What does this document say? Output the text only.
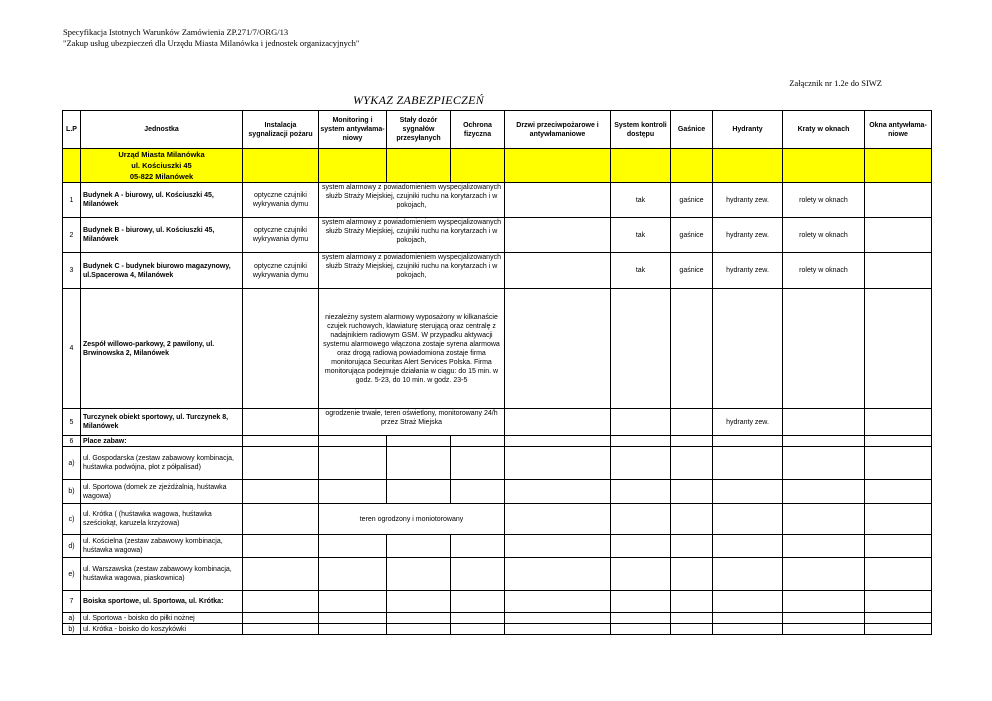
Specyfikacja Istotnych Warunków Zamówienia ZP.271/7/ORG/13
"Zakup usług ubezpieczeń dla Urzędu Miasta Milanówka i jednostek organizacyjnych"
Załącznik nr 1.2e do SIWZ
WYKAZ ZABEZPIECZEŃ
L.P	Jednostka	Instalacja sygnalizacji pożaru	Monitoring i system antywłama-niowy	Stały dozór sygnałów przesyłanych	Ochrona fizyczna	Drzwi przeciwpożarowe i antywłamaniowe	System kontroli dostępu	Gaśnice	Hydranty	Kraty w oknach	Okna antywłama-niowe

	Urząd Miasta Milanówka
ul. Kościuszki 45
05-822 Milanówek										

1	Budynek A - biurowy, ul. Kościuszki 45, Milanówek	optyczne czujniki wykrywania dymu	system alarmowy z powiadomieniem wyspecjalizowanych służb Straży Miejskiej, czujniki ruchu na korytarzach i w pokojach,				tak	gaśnice	hydranty zew.	rolety w oknach	
2	Budynek B - biurowy, ul. Kościuszki 45, Milanówek	optyczne czujniki wykrywania dymu	system alarmowy z powiadomieniem wyspecjalizowanych służb Straży Miejskiej, czujniki ruchu na korytarzach i w pokojach,				tak	gaśnice	hydranty zew.	rolety w oknach	
3	Budynek C - budynek biurowo magazynowy, ul.Spacerowa 4, Milanówek	optyczne czujniki wykrywania dymu	system alarmowy z powiadomieniem wyspecjalizowanych służb Straży Miejskiej, czujniki ruchu na korytarzach i w pokojach,				tak	gaśnice	hydranty zew.	rolety w oknach	
4	Zespół willowo-parkowy, 2 pawilony, ul. Brwinowska 2, Milanówek		niezależny system alarmowy wyposażony w kilkanaście czujek ruchowych, klawiaturę sterującą oraz centralę z nadajnikiem radiowym GSM. W przypadku aktywacji systemu alarmowego włączona zostaje syrena alarmowa oraz drogą radiową powiadomiona zostaje firma monitorująca Securitas Alert Services Polska. Firma monitorująca podejmuje działania w ciągu: do 15 min. w godz. 5-23, do 10 min. w godz. 23-5								
5	Turczynek obiekt sportowy, ul. Turczynek 8, Milanówek		ogrodzenie trwałe, teren oświetlony, monitorowany 24/h przez Straż Miejska						hydranty zew.		
6	Place zabaw:										
a)	ul. Gospodarska (zestaw zabawowy kombinacja, huśtawka podwójna, płot z półpalisad)										
b)	ul. Sportowa (domek ze zjeżdżalnią, huśtawka wagowa)										
c)	ul. Krótka ( (huśtawka wagowa, huśtawka sześciokąt, karuzela krzyżowa)		teren ogrodzony i moniotorowany								
d)	ul. Kościelna (zestaw zabawowy kombinacja, huśtawka wagowa)										
e)	ul. Warszawska (zestaw zabawowy kombinacja, huśtawka wagowa, piaskownica)										
7	Boiska sportowe, ul. Sportowa, ul. Krótka:										
a)	ul. Sportowa - boisko do piłki nożnej										
b)	ul. Krótka - boisko do koszykówki										
